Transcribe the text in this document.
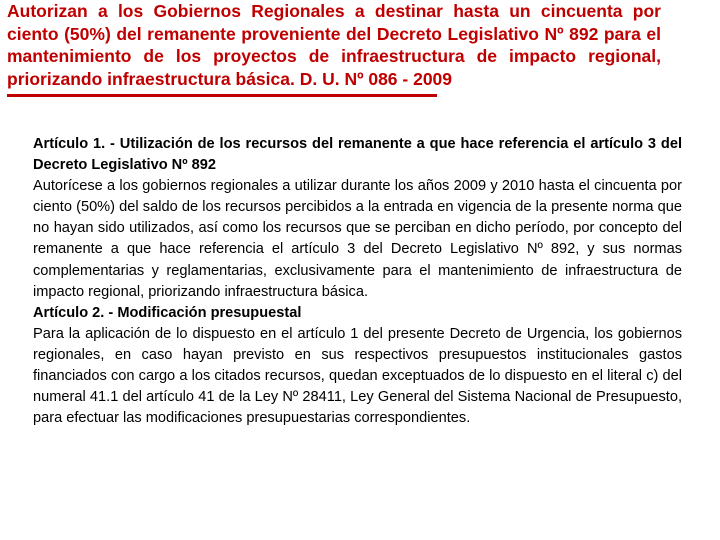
Autorizan a los Gobiernos Regionales a destinar hasta un cincuenta por ciento (50%) del remanente proveniente del Decreto Legislativo Nº 892 para el mantenimiento de los proyectos de infraestructura de impacto regional, priorizando infraestructura básica. D. U. Nº 086 - 2009

Artículo 1. - Utilización de los recursos del remanente a que hace referencia el artículo 3 del Decreto Legislativo Nº 892

Autorícese a los gobiernos regionales a utilizar durante los años 2009 y 2010 hasta el cincuenta por ciento (50%) del saldo de los recursos percibidos a la entrada en vigencia de la presente norma que no hayan sido utilizados, así como los recursos que se perciban en dicho período, por concepto del remanente a que hace referencia el artículo 3 del Decreto Legislativo Nº 892, y sus normas complementarias y reglamentarias, exclusivamente para el mantenimiento de infraestructura de impacto regional, priorizando infraestructura básica.

Artículo 2. - Modificación presupuestal

Para la aplicación de lo dispuesto en el artículo 1 del presente Decreto de Urgencia, los gobiernos regionales, en caso hayan previsto en sus respectivos presupuestos institucionales gastos financiados con cargo a los citados recursos, quedan exceptuados de lo dispuesto en el literal c) del numeral 41.1 del artículo 41 de la Ley Nº 28411, Ley General del Sistema Nacional de Presupuesto, para efectuar las modificaciones presupuestarias correspondientes.
